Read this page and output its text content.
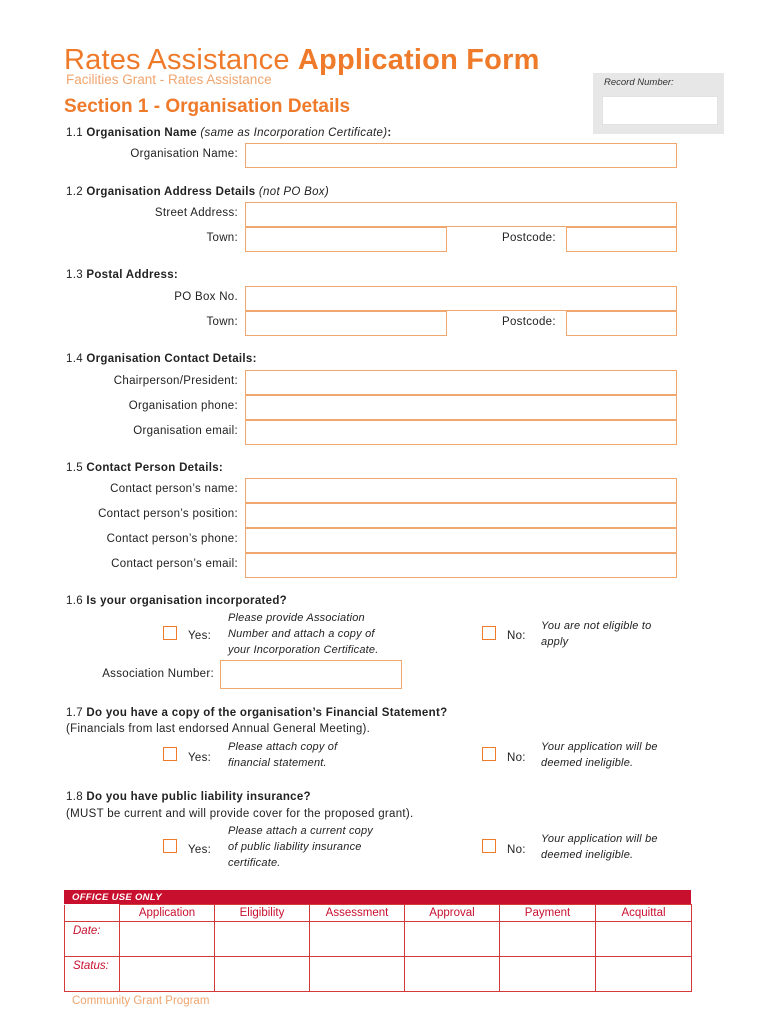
Rates Assistance Application Form
Facilities Grant - Rates Assistance	Record Number:
Section 1 - Organisation Details
1.1 Organisation Name (same as Incorporation Certificate):
Organisation Name:
1.2 Organisation Address Details (not PO Box)
Street Address:
Town:	Postcode:
1.3 Postal Address:
PO Box No.
Town:	Postcode:
1.4 Organisation Contact Details:
Chairperson/President:
Organisation phone:
Organisation email:
1.5 Contact Person Details:
Contact person’s name:
Contact person’s position:
Contact person’s phone:
Contact person’s email:
1.6 Is your organisation incorporated?
Yes:
Please provide Association
Number and attach a copy of
your Incorporation Certificate.
No:
You are not eligible to
apply
Association Number:
1.7 Do you have a copy of the organisation’s Financial Statement?
(Financials from last endorsed Annual General Meeting).
Yes:
Please attach copy of
financial statement.	No:
Your application will be
deemed ineligible.
1.8 Do you have public liability insurance?
(MUST be current and will provide cover for the proposed grant).
Yes:
Please attach a current copy
of public liability insurance
certificate.
No:
Your application will be
deemed ineligible.
OFFICE USE ONLY
	Application	Eligibility	Assessment	Approval	Payment	Acquittal
Date:						
Status:						
Community Grant Program
